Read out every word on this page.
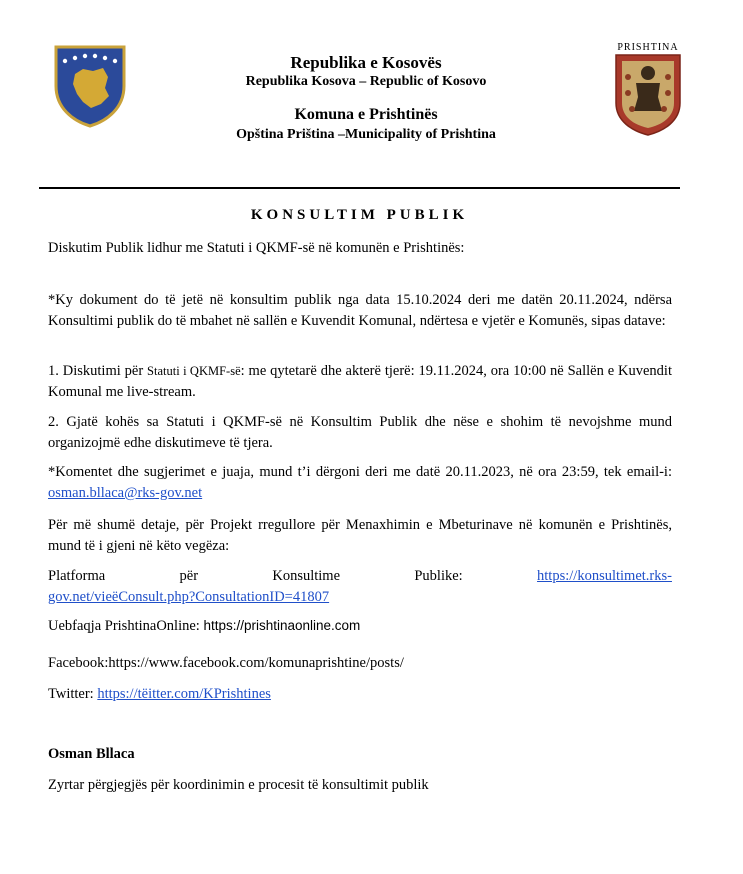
Republika e Kosovës
Republika Kosova – Republic of Kosovo
Komuna e Prishtinës
Opština Priština –Municipality of Prishtina
PRISHTINA
KONSULTIM PUBLIK
Diskutim Publik lidhur me Statuti i QKMF-së në komunën e Prishtinës:
*Ky dokument do të jetë në konsultim publik nga data 15.10.2024 deri me datën 20.11.2024, ndërsa Konsultimi publik do të mbahet në sallën e Kuvendit Komunal, ndërtesa e vjetër e Komunës, sipas datave:
1. Diskutimi për Statuti i QKMF-së: me qytetarë dhe akterë tjerë: 19.11.2024, ora 10:00 në Sallën e Kuvendit Komunal me live-stream.
2. Gjatë kohës sa Statuti i QKMF-së në Konsultim Publik dhe nëse e shohim të nevojshme mund organizojmë edhe diskutimeve të tjera.
*Komentet dhe sugjerimet e juaja, mund t’i dërgoni deri me datë 20.11.2023, në ora 23:59, tek email-i: osman.bllaca@rks-gov.net
Për më shumë detaje, për Projekt rregullore për Menaxhimin e Mbeturinave në komunën e Prishtinës, mund të i gjeni në këto vegëza:
Platforma	për	Konsultime	Publike:	https://konsultimet.rks-
gov.net/vieëConsult.php?ConsultationID=41807
Uebfaqja PrishtinaOnline: https://prishtinaonline.com
Facebook:https://www.facebook.com/komunaprishtine/posts/
Twitter: https://tëitter.com/KPrishtines
Osman Bllaca
Zyrtar përgjegjës për koordinimin e procesit të konsultimit publik
